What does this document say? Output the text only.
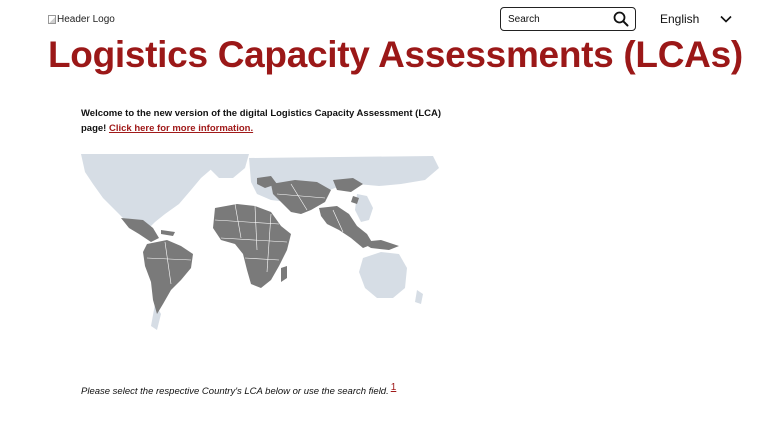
Header Logo
Search	English
Logistics Capacity Assessments (LCAs)
Welcome to the new version of the digital Logistics Capacity Assessment (LCA) page! Click here for more information.
Please select the respective Country's LCA below or use the search field. $^1$
